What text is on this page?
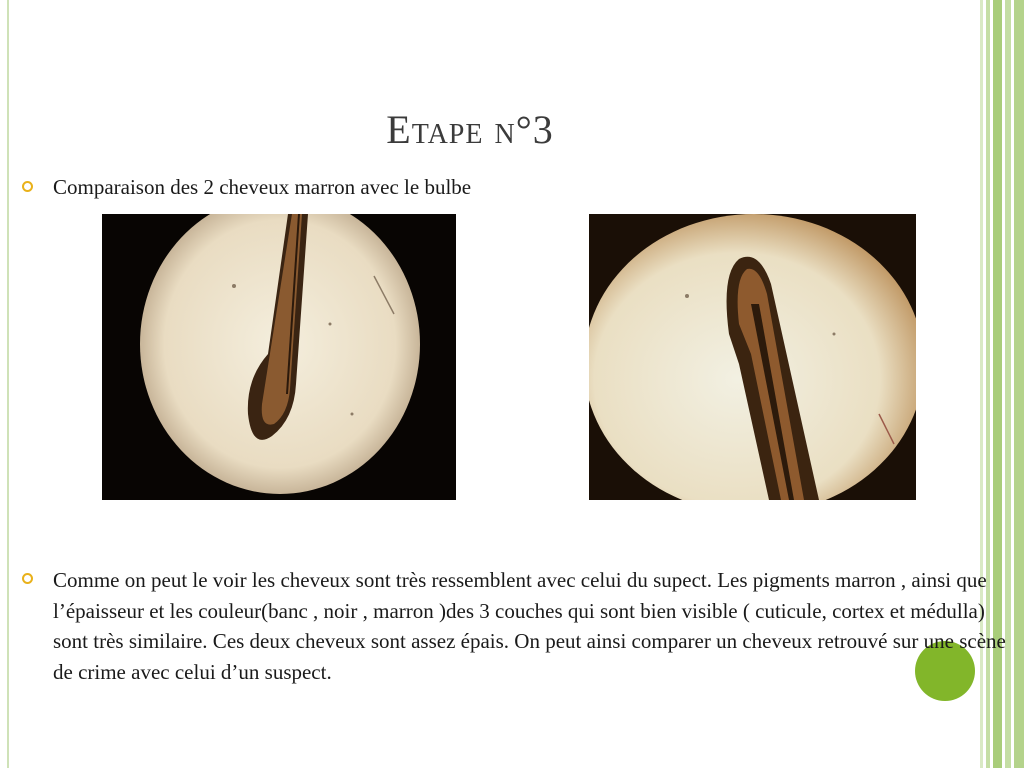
Etape n°3
Comparaison des 2 cheveux marron avec le bulbe
Comme on peut le voir les cheveux sont très ressemblent avec celui du supect. Les pigments marron , ainsi que l’épaisseur et les couleur(banc , noir , marron )des 3 couches qui sont bien visible ( cuticule, cortex et médulla) sont très similaire. Ces deux cheveux sont assez épais. On peut ainsi comparer un cheveux retrouvé sur une scène de crime avec celui d’un suspect.
